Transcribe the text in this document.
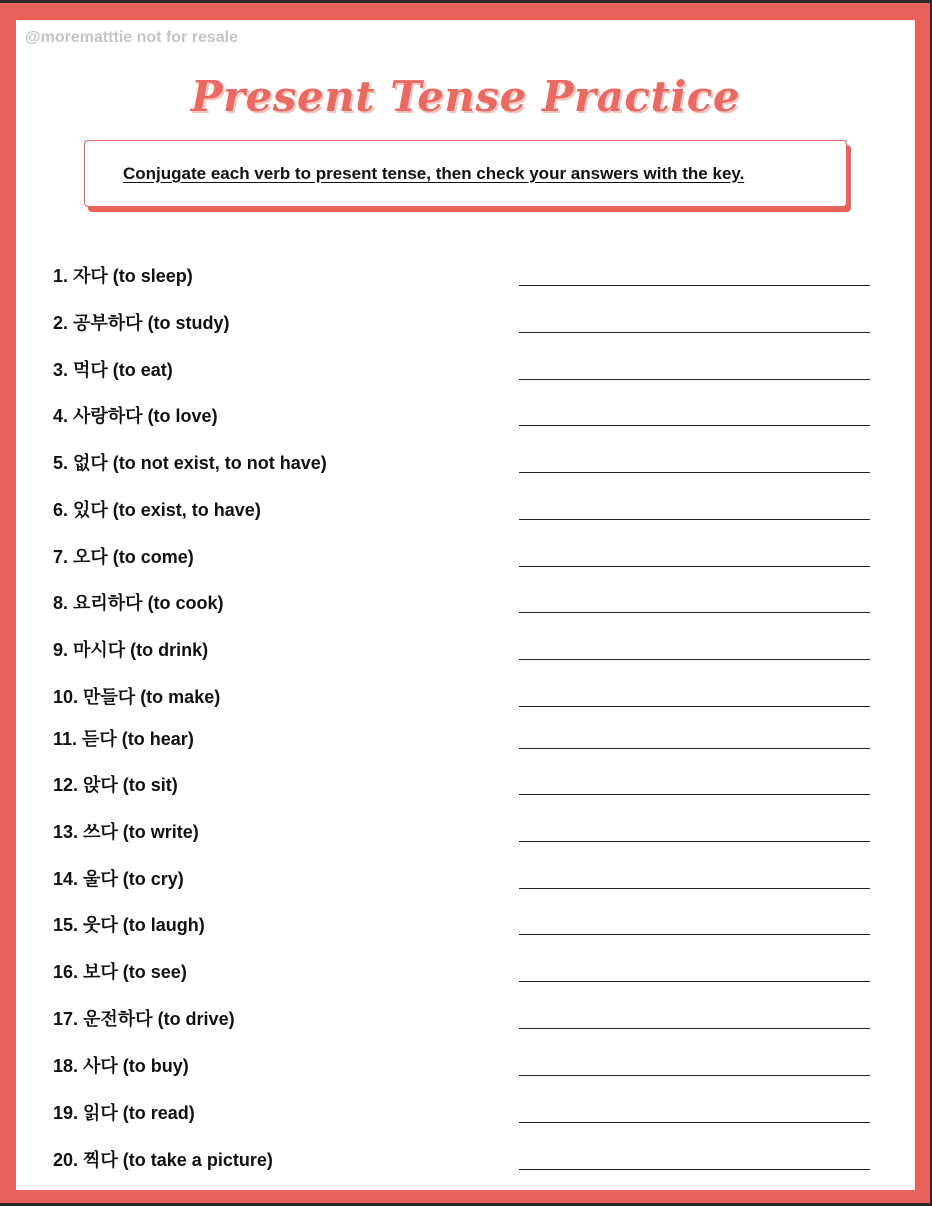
@morematttie not for resale
Present Tense Practice
Conjugate each verb to present tense, then check your answers with the key.
1. 자다 (to sleep)
2. 공부하다 (to study)
3. 먹다 (to eat)
4. 사랑하다 (to love)
5. 없다 (to not exist, to not have)
6. 있다 (to exist, to have)
7. 오다 (to come)
8. 요리하다 (to cook)
9. 마시다 (to drink)
10. 만들다 (to make)
11. 듣다 (to hear)
12. 앉다 (to sit)
13. 쓰다 (to write)
14. 울다 (to cry)
15. 웃다 (to laugh)
16. 보다 (to see)
17. 운전하다 (to drive)
18. 사다 (to buy)
19. 읽다 (to read)
20. 찍다 (to take a picture)
